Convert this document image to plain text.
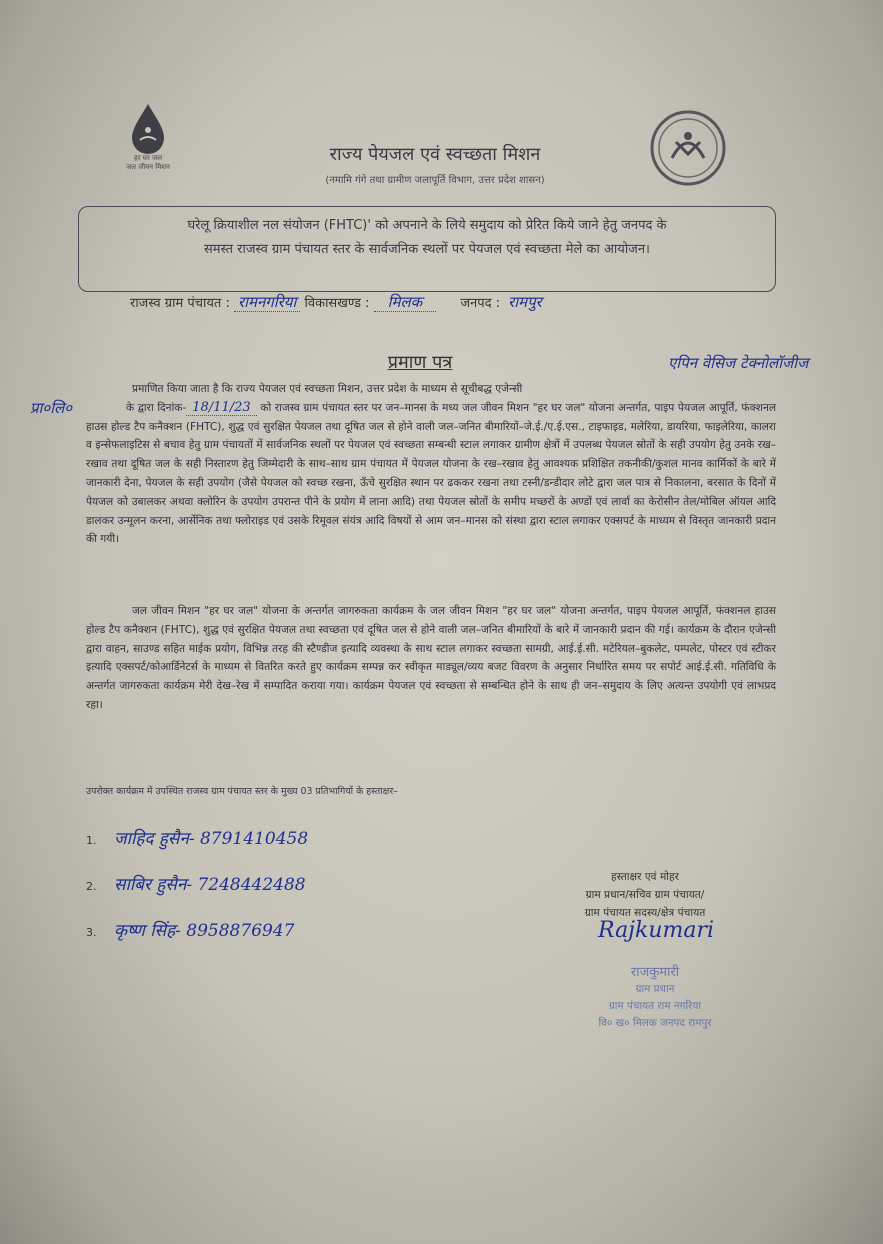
हर घर जल
जल जीवन मिशन
राज्य पेयजल एवं स्वच्छता मिशन
(नमामि गंगे तथा ग्रामीण जलापूर्ति विभाग, उत्तर प्रदेश शासन)
घरेलू क्रियाशील नल संयोजन (FHTC)' को अपनाने के लिये समुदाय को प्रेरित किये जाने हेतु जनपद के
समस्त राजस्व ग्राम पंचायत स्तर के सार्वजनिक स्थलों पर पेयजल एवं स्वच्छता मेले का आयोजन।
राजस्व ग्राम पंचायत : रामनगरिया विकासखण्ड : मिलक	जनपद : रामपुर
प्रमाण पत्र	एपिन वेसिज टेक्नोलॉजीज
प्रा०लि०
प्रमाणित किया जाता है कि राज्य पेयजल एवं स्वच्छता मिशन, उत्तर प्रदेश के माध्यम से सूचीबद्ध एजेन्सी
के द्वारा दिनांक- 18/11/23 को राजस्व ग्राम पंचायत स्तर पर जन–मानस के मध्य जल जीवन मिशन "हर घर जल" योजना अन्तर्गत, पाइप पेयजल आपूर्ति, फंक्शनल हाउस होल्ड टैप कनैक्शन (FHTC), शुद्ध एवं सुरक्षित पेयजल तथा दूषित जल से होने वाली जल–जनित बीमारियों–जे.ई./ए.ई.एस., टाइफाइड, मलेरिया, डायरिया, फाइलेरिया, कालरा व इन्सेफलाइटिस से बचाव हेतु ग्राम पंचायतों में सार्वजनिक स्थलों पर पेयजल एवं स्वच्छता सम्बन्धी स्टाल लगाकर ग्रामीण क्षेत्रों में उपलब्ध पेयजल स्रोतों के सही उपयोग हेतु उनके रख–रखाव तथा दूषित जल के सही निस्तारण हेतु जिम्मेदारी के साथ–साथ ग्राम पंचायत में पेयजल योजना के रख–रखाव हेतु आवश्यक प्रशिक्षित तकनीकी/कुशल मानव कार्मिकों के बारे में जानकारी देना, पेयजल के सही उपयोग (जैसे पेयजल को स्वच्छ रखना, ऊँचे सुरक्षित स्थान पर ढककर रखना तथा टस्नी/डन्डीदार लोटे द्वारा जल पात्र से निकालना, बरसात के दिनों में पेयजल को उबालकर अथवा क्लोरिन के उपयोग उपरान्त पीने के प्रयोग में लाना आदि) तथा पेयजल स्रोतों के समीप मच्छरों के अण्डों एवं लार्वा का केरोसीन तेल/मोबिल ऑयल आदि डालकर उन्मूलन करना, आर्सेनिक तथा फ्लोराइड एवं उसके रिमूवल संयंत्र आदि विषयों से आम जन–मानस को संस्था द्वारा स्टाल लगाकर एक्सपर्ट के माध्यम से विस्तृत जानकारी प्रदान की गयी।
जल जीवन मिशन "हर घर जल" योजना के अन्तर्गत जागरुकता कार्यक्रम के जल जीवन मिशन "हर घर जल" योजना अन्तर्गत, पाइप पेयजल आपूर्ति, फंक्शनल हाउस होल्ड टैप कनैक्शन (FHTC), शुद्ध एवं सुरक्षित पेयजल तथा स्वच्छता एवं दूषित जल से होने वाली जल–जनित बीमारियों के बारे में जानकारी प्रदान की गई। कार्यक्रम के दौरान एजेन्सी द्वारा वाहन, साउण्ड सहित माईक प्रयोग, विभिन्न तरह की स्टैण्डीज इत्यादि व्यवस्था के साथ स्टाल लगाकर स्वच्छता सामग्री, आई.ई.सी. मटेरियल–बुकलेट, पम्पलेट, पोस्टर एवं स्टीकर इत्यादि एक्सपर्ट/कोआर्डिनेटर्स के माध्यम से वितरित करते हुए कार्यक्रम सम्पन्न कर स्वीकृत माड्यूल/व्यय बजट विवरण के अनुसार निर्धारित समय पर सपोर्ट आई.ई.सी. गतिविधि के अन्तर्गत जागरुकता कार्यक्रम मेरी देख–रेख में सम्पादित कराया गया। कार्यक्रम पेयजल एवं स्वच्छता से सम्बन्धित होने के साथ ही जन–समुदाय के लिए अत्यन्त उपयोगी एवं लाभप्रद रहा।
उपरोक्त कार्यक्रम में उपस्थित राजस्व ग्राम पंचायत स्तर के मुख्य 03 प्रतिभागियों के हस्ताक्षर–
1. जाहिद हुसैन- 8791410458
2. साबिर हुसैन- 7248442488
3. कृष्ण सिंह- 8958876947
हस्ताक्षर एवं मोहर
ग्राम प्रधान/सचिव ग्राम पंचायत/
ग्राम पंचायत सदस्य/क्षेत्र पंचायत
Rajkumari
राजकुमारी
ग्राम प्रधान
ग्राम पंचायत राम नगरिया
वि० ख० मिलक जनपद रामपुर
